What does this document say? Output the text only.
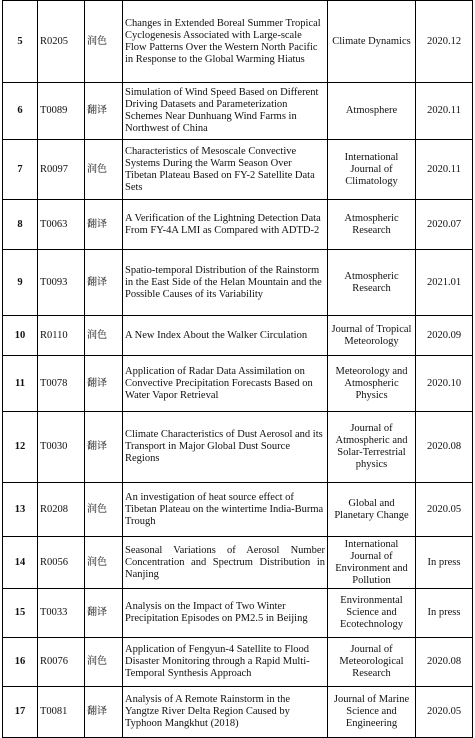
5	R0205	润色	Changes in Extended Boreal Summer Tropical Cyclogenesis Associated with Large-scale Flow Patterns Over the Western North Pacific in Response to the Global Warming Hiatus	Climate Dynamics	2020.12
6	T0089	翻译	Simulation of Wind Speed Based on Different Driving Datasets and Parameterization Schemes Near Dunhuang Wind Farms in Northwest of China	Atmosphere	2020.11
7	R0097	润色	Characteristics of Mesoscale Convective Systems During the Warm Season Over Tibetan Plateau Based on FY-2 Satellite Data Sets	International Journal of Climatology	2020.11
8	T0063	翻译	A Verification of the Lightning Detection Data From FY-4A LMI as Compared with ADTD-2	Atmospheric Research	2020.07
9	T0093	翻译	Spatio-temporal Distribution of the Rainstorm in the East Side of the Helan Mountain and the Possible Causes of its Variability	Atmospheric Research	2021.01
10	R0110	润色	A New Index About the Walker Circulation	Journal of Tropical Meteorology	2020.09
11	T0078	翻译	Application of Radar Data Assimilation on Convective Precipitation Forecasts Based on Water Vapor Retrieval	Meteorology and Atmospheric Physics	2020.10
12	T0030	翻译	Climate Characteristics of Dust Aerosol and its Transport in Major Global Dust Source Regions	Journal of Atmospheric and Solar-Terrestrial physics	2020.08
13	R0208	润色	An investigation of heat source effect of Tibetan Plateau on the wintertime India-Burma Trough	Global and Planetary Change	2020.05
14	R0056	润色	Seasonal Variations of Aerosol Number Concentration and Spectrum Distribution in Nanjing	International Journal of Environment and Pollution	In press
15	T0033	翻译	Analysis on the Impact of Two Winter Precipitation Episodes on PM2.5 in Beijing	Environmental Science and Ecotechnology	In press
16	R0076	润色	Application of Fengyun-4 Satellite to Flood Disaster Monitoring through a Rapid Multi-Temporal Synthesis Approach	Journal of Meteorological Research	2020.08
17	T0081	翻译	Analysis of A Remote Rainstorm in the Yangtze River Delta Region Caused by Typhoon Mangkhut (2018)	Journal of Marine Science and Engineering	2020.05
